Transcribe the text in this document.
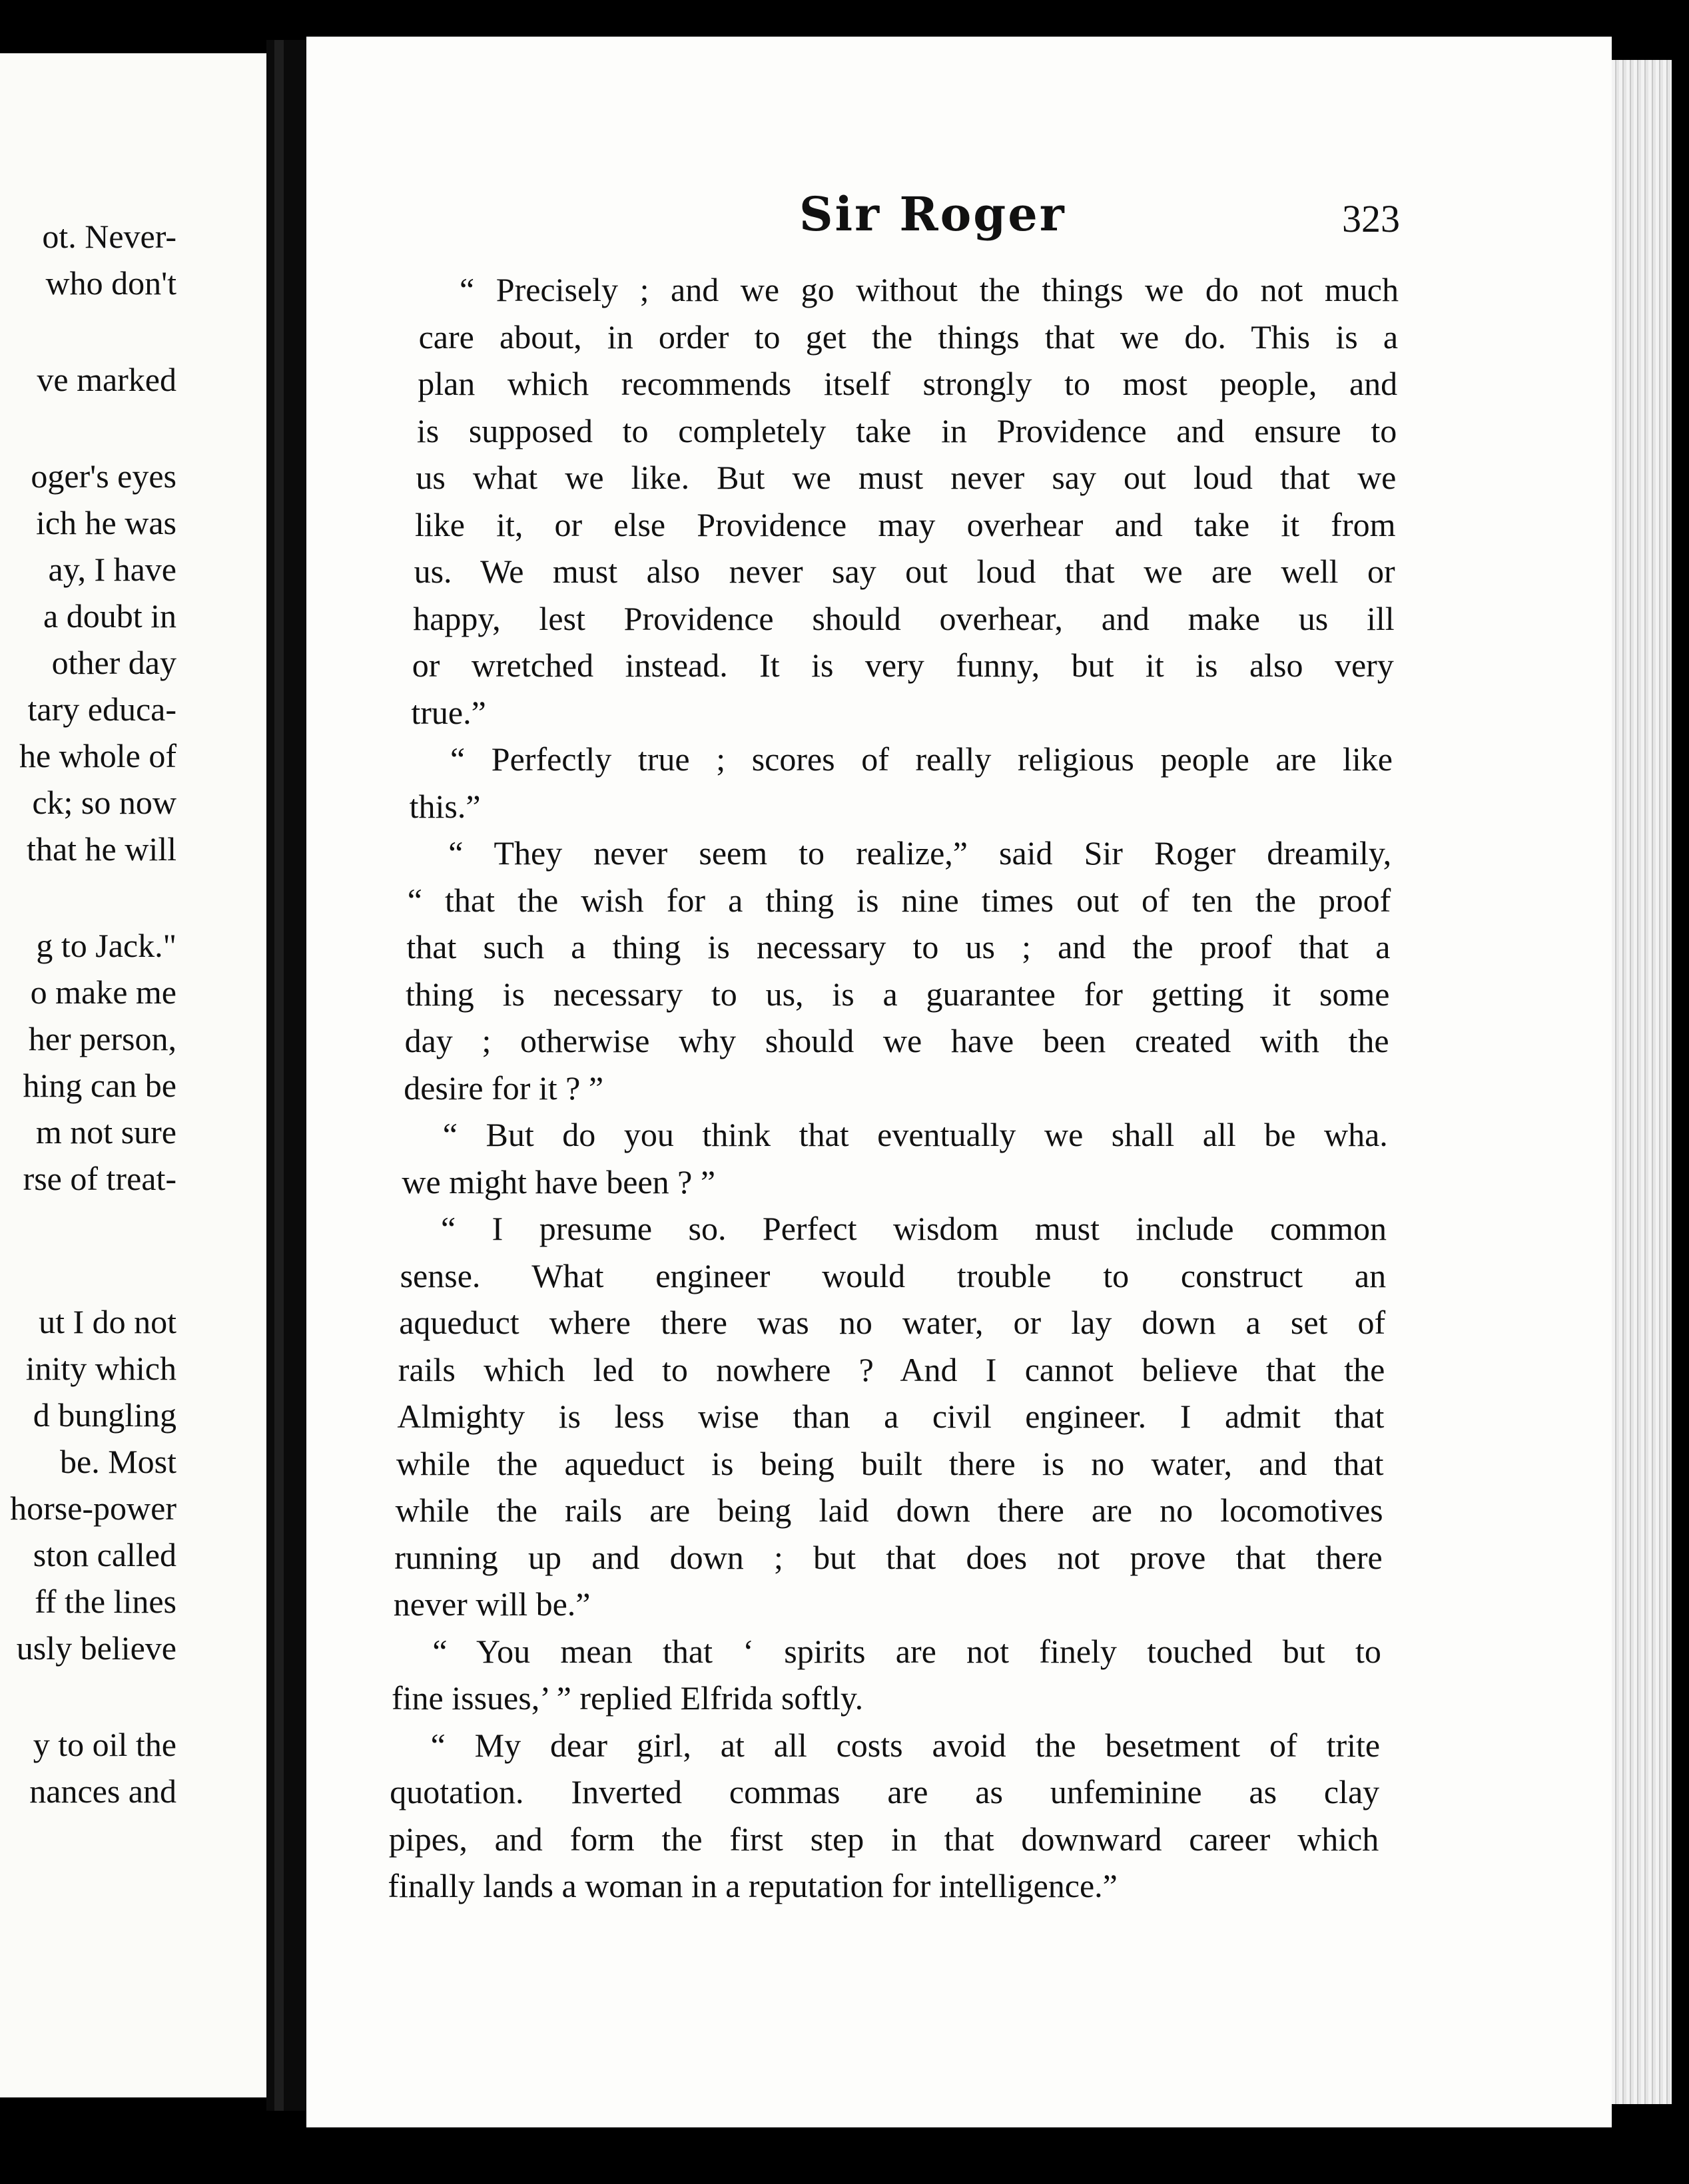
ot. Never-
who don't
ve marked
oger's eyes
ich he was
ay, I have
a doubt in
other day
tary educa-
he whole of
ck; so now
that he will
g to Jack."
o make me
her person,
hing can be
m not sure
rse of treat-
ut I do not
inity which
d bungling
be. Most
horse-power
ston called
ff the lines
usly believe
y to oil the
nances and
Sir Roger	323
“ Precisely ; and we go without the things we do not much
care about, in order to get the things that we do. This is a
plan which recommends itself strongly to most people, and
is supposed to completely take in Providence and ensure to
us what we like. But we must never say out loud that we
like it, or else Providence may overhear and take it from
us. We must also never say out loud that we are well or
happy, lest Providence should overhear, and make us ill
or wretched instead. It is very funny, but it is also very
true.”
“ Perfectly true ; scores of really religious people are like
this.”
“ They never seem to realize,” said Sir Roger dreamily,
“ that the wish for a thing is nine times out of ten the proof
that such a thing is necessary to us ; and the proof that a
thing is necessary to us, is a guarantee for getting it some
day ; otherwise why should we have been created with the
desire for it ? ”
“ But do you think that eventually we shall all be wha.
we might have been ? ”
“ I presume so. Perfect wisdom must include common
sense. What engineer would trouble to construct an
aqueduct where there was no water, or lay down a set of
rails which led to nowhere ? And I cannot believe that the
Almighty is less wise than a civil engineer. I admit that
while the aqueduct is being built there is no water, and that
while the rails are being laid down there are no locomotives
running up and down ; but that does not prove that there
never will be.”
“ You mean that ‘ spirits are not finely touched but to
fine issues,’ ” replied Elfrida softly.
“ My dear girl, at all costs avoid the besetment of trite
quotation. Inverted commas are as unfeminine as clay
pipes, and form the first step in that downward career which
finally lands a woman in a reputation for intelligence.”
